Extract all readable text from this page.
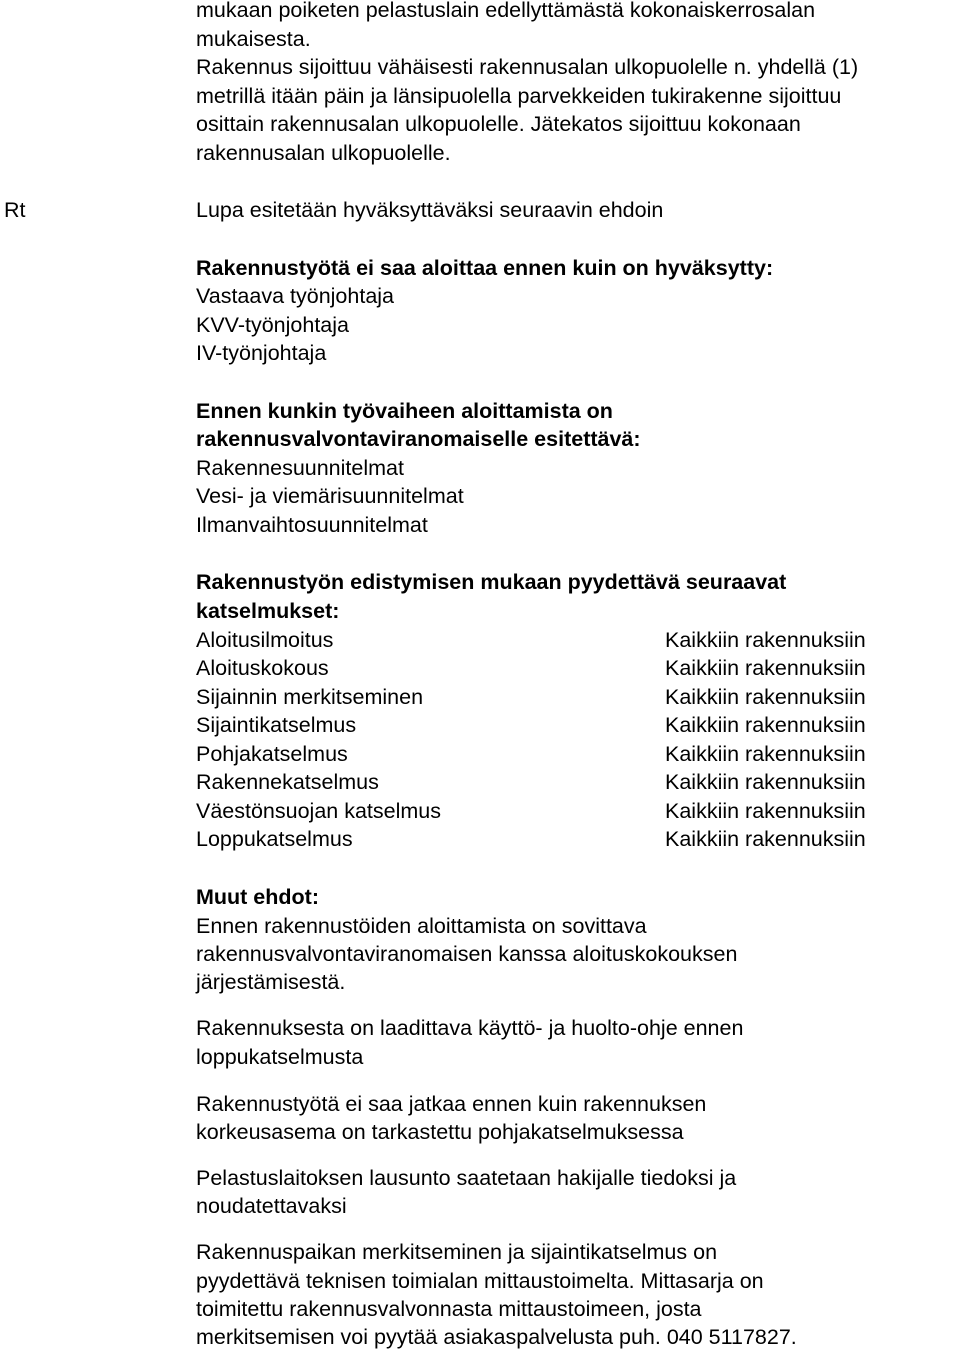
mukaan poiketen pelastuslain edellyttämästä kokonaiskerrosalan
mukaisesta.
Rakennus sijoittuu vähäisesti rakennusalan ulkopuolelle n. yhdellä (1)
metrillä itään päin ja länsipuolella parvekkeiden tukirakenne sijoittuu
osittain rakennusalan ulkopuolelle. Jätekatos sijoittuu kokonaan
rakennusalan ulkopuolelle.
Rt	Lupa esitetään hyväksyttäväksi seuraavin ehdoin
Rakennustyötä ei saa aloittaa ennen kuin on hyväksytty:
Vastaava työnjohtaja
KVV-työnjohtaja
IV-työnjohtaja
Ennen kunkin työvaiheen aloittamista on
rakennusvalvontaviranomaiselle esitettävä:
Rakennesuunnitelmat
Vesi- ja viemärisuunnitelmat
Ilmanvaihtosuunnitelmat
Rakennustyön edistymisen mukaan pyydettävä seuraavat
katselmukset:
Aloitusilmoitus	Kaikkiin rakennuksiin
Aloituskokous	Kaikkiin rakennuksiin
Sijainnin merkitseminen	Kaikkiin rakennuksiin
Sijaintikatselmus	Kaikkiin rakennuksiin
Pohjakatselmus	Kaikkiin rakennuksiin
Rakennekatselmus	Kaikkiin rakennuksiin
Väestönsuojan katselmus	Kaikkiin rakennuksiin
Loppukatselmus	Kaikkiin rakennuksiin
Muut ehdot:
Ennen rakennustöiden aloittamista on sovittava
rakennusvalvontaviranomaisen kanssa aloituskokouksen
järjestämisestä.
Rakennuksesta on laadittava käyttö- ja huolto-ohje ennen
loppukatselmusta
Rakennustyötä ei saa jatkaa ennen kuin rakennuksen
korkeusasema on tarkastettu pohjakatselmuksessa
Pelastuslaitoksen lausunto saatetaan hakijalle tiedoksi ja
noudatettavaksi
Rakennuspaikan merkitseminen ja sijaintikatselmus on
pyydettävä teknisen toimialan mittaustoimelta. Mittasarja on
toimitettu rakennusvalvonnasta mittaustoimeen, josta
merkitsemisen voi pyytää asiakaspalvelusta puh. 040 5117827.
